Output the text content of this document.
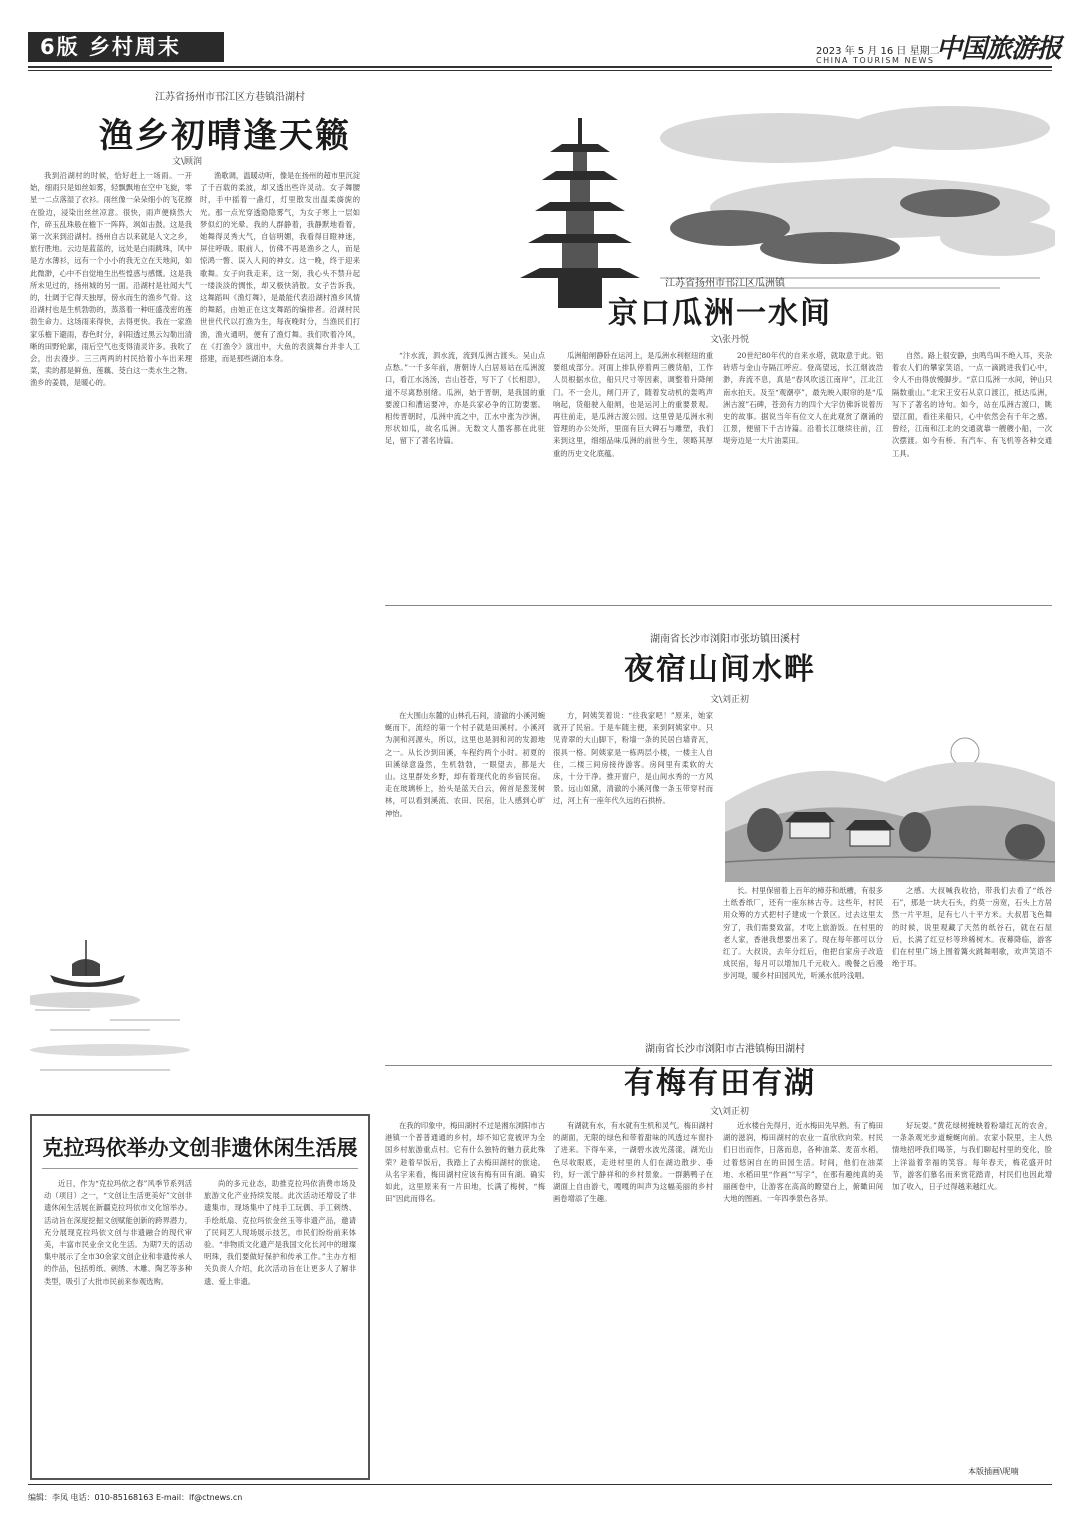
6版 乡村周末	2023 年 5 月 16 日 星期二
CHINA TOURISM NEWS 中国旅游报
江苏省扬州市邗江区方巷镇沿湖村
渔乡初晴逢天籁
文\顾润

我到沿湖村的时候，恰好赶上一场雨。一开始，细雨只是如丝如雾，轻飘飘地在空中飞旋，零星一二点落湿了衣衫。雨丝像一朵朵细小的飞花擦在脸边，浸染出丝丝凉意。很快，雨声便倏然大作，碎玉乱珠般在檐下一阵阵，飒如击鼓。这是我第一次来到沿湖村。扬州自古以来就是人文之乡，旅行胜地。云边是蓝蓝的，远处是白雨跳珠，风中是方水薄衫，远有一个小小的我无立在天地间，如此微渺，心中不自觉地生出些惶惑与感慨。这是我所未见过的，扬州城的另一面。沿湖村是社闻大气的，壮阔于它得天独厚，傍水而生的渔乡气骨。这沿湖村也是生机勃勃的，蒸蒸着一种旺盛茂密的莲勃生命力。这场雨来得快，去得更快。我在一家渔家乐檐下避雨，春色时分，斜阳透过黑云勾勒出清晰的田野轮廓，雨后空气也变得清灵许多。我吹了会，出去漫步。三三两两的村民拾着小车出来理菜，卖的都是鲜鱼、莲藕、茭白这一类水生之物。渔乡的姜晨，是暖心的。

渔歌调，温暖动听，像是在扬州的超市里沉淀了千百载的柔波，却又透出些许灵动。女子舞腰时，手中摇着一盏灯，灯里散发出温柔旖旎的光。那一点光穿透隐隐雾气，为女子寒上一层如梦似幻的光晕。我的人群静着，我静默地看着，她舞得灵秀大气，自信明媚，我看得目瞪神迷，屏住呼吸。眼前人，仿佛不再是渔乡之人，而是惊鸿一瞥、误入人间的神女。这一晚，终于迎来歌舞。女子向我走来，这一刻，我心头不禁升起一缕淡淡的惆怅，却又极快消散。女子告诉我，这舞蹈叫《渔灯舞》，是最能代表沿湖村渔乡风情的舞蹈，由她正在这支舞蹈的编排者。沿湖村民世世代代以打渔为生，每夜晚时分，当渔民们打渔，渔火通明，便有了渔灯舞。我们吹着冷风，在《打渔令》演出中，大鱼的表演舞台并非人工搭建，而是那些湖泊本身。

江苏省扬州市邗江区瓜洲镇
京口瓜洲一水间
文\张丹悦

“汴水流，泗水流，流到瓜洲古渡头。吴山点点愁。”一千多年前，唐朝诗人白居易站在瓜洲渡口，看江水汤汤，吉山苍苍，写下了《长相思》，道不尽离愁别绪。瓜洲，始于晋朝，是我国的重要渡口和漕运要冲，亦是兵家必争的江防要塞。相传晋朝时，瓜洲中流之中，江水中涨为沙洲，形状如瓜，故名瓜洲。无数文人墨客都在此驻足，留下了著名诗篇。

瓜洲船闸静卧在运河上，是瓜洲水利枢纽的重要组成部分。河面上排队停着两三艘货船，工作人员根据水位，船只尺寸等因素，调整着升降闸门。不一会儿，闸门开了，随着发动机的轰鸣声响起，货船驶入船闸，也是运河上的重要景观。再往前走，是瓜洲古渡公园。这里曾是瓜洲水利管理的办公处所，里面有巨大碑石与雕塑，我们来到这里，细细品味瓜洲的前世今生，领略其厚重的历史文化底蕴。

20世纪80年代的自来水塔，就取意于此。铝砖塔与金山寺隔江呼应。登高望远，长江烟波浩渺，奔流不息，真是“春风吹送江南岸”，江北江南水拍天。及至“观潮亭”，最先映入眼帘的是“瓜洲古渡”石碑，苍劲有力的四个大字仿佛诉说着历史的故事。据说当年有位文人在此观赏了潮涌的江景，便留下千古诗篇。沿着长江继续往前，江堤旁边是一大片油菜田。

自然。路上很安静，虫鸣鸟叫不绝入耳，夹杂着农人们的攀家笑语，一点一滴跳进我们心中，令人不由得放慢脚步。“京口瓜洲一水间，钟山只隔数重山。”北宋王安石从京口渡江，抵达瓜洲，写下了著名的诗句。如今，站在瓜洲古渡口，眺望江面，看往来船只，心中依然会有千年之感。曾经，江南和江北的交通就靠一艘艘小船，一次次摆渡。如今有桥、有汽车、有飞机等各种交通工具。

湖南省长沙市浏阳市张坊镇田溪村
夜宿山间水畔
文\刘正初

在大围山东麓的山林孔石间，清澈的小溪河蜿蜒而下，流经的第一个村子就是田溪村。小溪河为洞和河源头，所以，这里也是洞和河的发源地之一。从长沙到田溪，车程约两个小时。初夏的田溪绿意盎然，生机勃勃，一眼望去，都是大山。这里群处乡野，却有着现代化的乡宿民宿。走在玻璃桥上，抬头是蓝天白云，俯首是葱茏树林，可以看到溪流、农田、民宿，让人感到心旷神怡。

方，阿姨笑着说：“往我家吧！”原来，她家就开了民宿。于是车随主便，来到阿姨家中。只见青翠的大山脚下，粉墙一条的民居白墙青瓦，很具一格。阿姨家是一栋两层小楼，一楼主人自住，二楼三间房接待游客。房间里有柔软的大床，十分干净。推开窗户，是山间水秀的一方风景。远山如黛，清澈的小溪河像一条玉带穿村而过，河上有一座年代久远的石拱桥。

长。村里保留着上百年的樟芬和纸槽，有很多土纸香纸厂，还有一座东林古寺。这些年，村民用众筹的方式把村子建成一个景区。过去这里太穷了，我们需要致富，才吃上旅游饭。在村里的老人家，香港我想要出来了。现在每年都可以分红了。大叔说，去年分红后，他把自家房子改造成民宿，每月可以增加几千元收入。晚餐之后漫步河堤，暖乡村田园风光，听溪水低吟浅唱。

之感。大叔喊我收拾，带我们去看了“纸谷石”，那是一块大石头，约莫一房宽，石头上方居然一片平坦，足有七八十平方米。大叔眉飞色舞的时候，说里观藏了天然的纸谷石，就在石屋后，长满了红豆杉等珍稀树木。夜幕降临，游客们在村里广场上围着篝火跳舞唱歌，欢声笑语不绝于耳。

湖南省长沙市浏阳市古港镇梅田湖村
有梅有田有湖
文\刘正初

在我的印象中，梅田湖村不过是湘东浏阳市古港镇一个普普通通的乡村，却不知它竟被评为全国乡村旅游重点村。它有什么独特的魅力获此殊荣？趁着早饭后，我踏上了去梅田湖村的旅途。从名字来看，梅田湖村应该有梅有田有湖。确实如此，这里原来有一片田地，长满了梅树，“梅田”因此而得名。

有湖就有水，有水就有生机和灵气。梅田湖村的湖面，无限的绿色和带着甜味的风透过车窗扑了进来。下得车来，一湖碧水波光荡漾，湖光山色尽收眼底，走进村里的人们在湖边散步、垂钓，好一派宁静祥和的乡村景象。一群鹅鸭子在湖面上自由游弋，嘎嘎的叫声为这幅美丽的乡村画卷增添了生趣。

近水楼台先得月，近水梅田先早熟。有了梅田湖的滋润，梅田湖村的农业一直欣欣向荣。村民们日出而作，日落而息，各种油菜、麦苗水稻，过着悠闲自在的田园生活。时间，他们在油菜地、水稻田里“作画”“写字”，在那有趣纯真的美丽画卷中，让游客在高高的瞭望台上，俯瞰田间大地的图画。一年四季景色各异。

好玩耍。”黄花绿树掩映着粉墙红瓦的农舍，一条条观光步道蜿蜒向前。农家小院里，主人热情地招呼我们喝茶，与我们聊起村里的变化，脸上洋溢着幸福的笑容。每年春天，梅花盛开时节，游客们慕名而来赏花踏青，村民们也因此增加了收入，日子过得越来越红火。

克拉玛依举办文创非遗休闲生活展

近日，作为“克拉玛依之春”风季节系列活动（项目）之一，“文创让生活更美好”文创非遗休闲生活展在新疆克拉玛依市文化馆举办。活动旨在深度挖掘文创赋能创新的跨界潜力，充分展现克拉玛依文创与非遗融合的现代审美，丰富市民业余文化生活。为期7天的活动集中展示了全市30余家文创企业和非遗传承人的作品，包括剪纸、刺绣、木雕、陶艺等多种类型，吸引了大批市民前来参观选购。

尚的多元业态，助推克拉玛依消费市场及旅游文化产业持续发展。此次活动还增设了非遗集市，现场集中了纯手工玩偶、手工刺绣、手绘纸扇、克拉玛依金丝玉等非遗产品，邀请了民间艺人现场展示技艺，市民们纷纷前来体验。“非物质文化遗产是我国文化长河中的璀璨明珠，我们要做好保护和传承工作。”主办方相关负责人介绍，此次活动旨在让更多人了解非遗、爱上非遗。

本版插画\呢喃
编辑：李凤 电话：010-85168163 E-mail：lf@ctnews.cn
